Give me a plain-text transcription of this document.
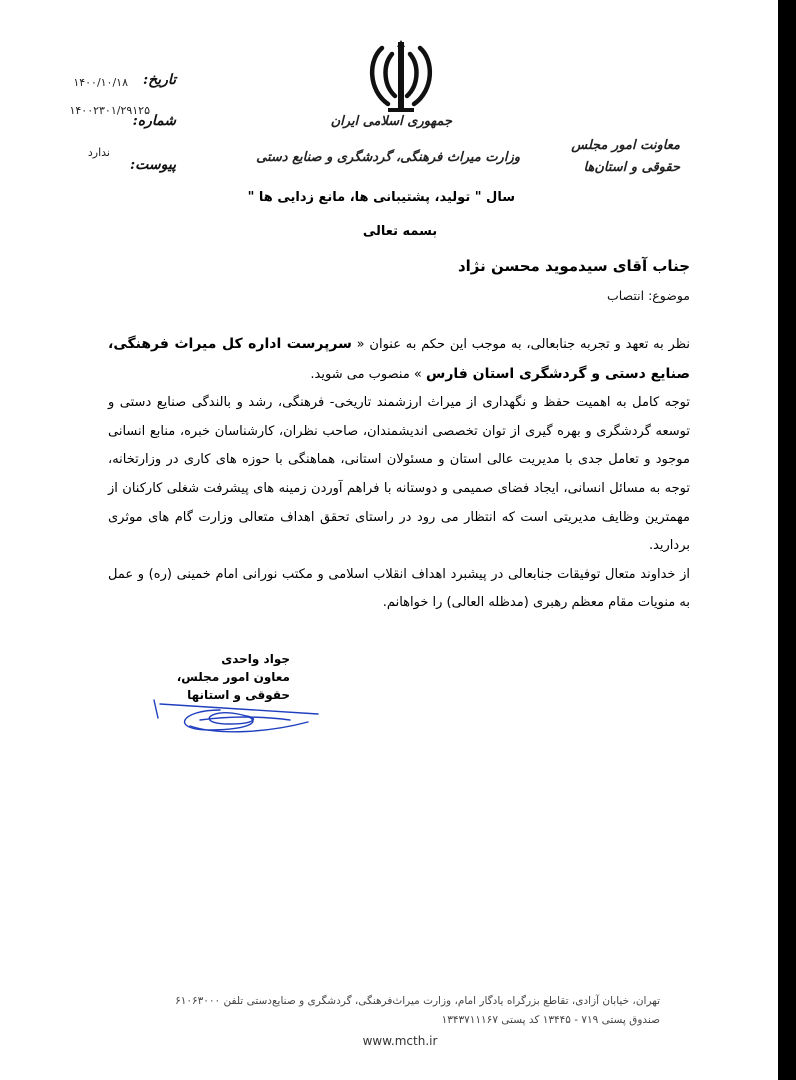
جمهوری اسلامی ایران
وزارت میراث فرهنگی، گردشگری و صنایع دستی
معاونت امور مجلس
حقوقی و استان‌ها
تاریخ:
۱۴۰۰/۱۰/۱۸
شماره:
۱۴۰۰۲۳۰۱/۲۹۱۲۵
پیوست:
ندارد
سال " تولید، پشتیبانی ها، مانع زدایی ها "
بسمه تعالی
جناب آقای سیدموید محسن نژاد
موضوع: انتصاب

نظر به تعهد و تجربه جنابعالی، به موجب این حکم به عنوان « سرپرست اداره کل میراث فرهنگی، صنایع دستی و گردشگری استان فارس » منصوب می شوید.

توجه کامل به اهمیت حفظ و نگهداری از میراث ارزشمند تاریخی- فرهنگی، رشد و بالندگی صنایع دستی و توسعه گردشگری و بهره گیری از توان تخصصی اندیشمندان، صاحب نظران، کارشناسان خبره، منابع انسانی موجود و تعامل جدی با مدیریت عالی استان و مسئولان استانی، هماهنگی با حوزه های کاری در وزارتخانه، توجه به مسائل انسانی، ایجاد فضای صمیمی و دوستانه با فراهم آوردن زمینه های پیشرفت شغلی کارکنان از مهمترین وظایف مدیریتی است که انتظار می رود در راستای تحقق اهداف متعالی وزارت گام های موثری بردارید.

از خداوند متعال توفیقات جنابعالی در پیشبرد اهداف انقلاب اسلامی و مکتب نورانی امام خمینی (ره) و عمل به منویات مقام معظم رهبری (مدظله العالی) را خواهانم.

جواد واحدی
معاون امور مجلس،
حقوقی و استانها
تهران، خیابان آزادی، تقاطع بزرگراه یادگار امام، وزارت میراث‌فرهنگی، گردشگری و صنایع‌دستی تلفن ۶۱۰۶۳۰۰۰
صندوق پستی ۷۱۹ - ۱۳۴۴۵ کد پستی ۱۳۴۳۷۱۱۱۶۷
www.mcth.ir
